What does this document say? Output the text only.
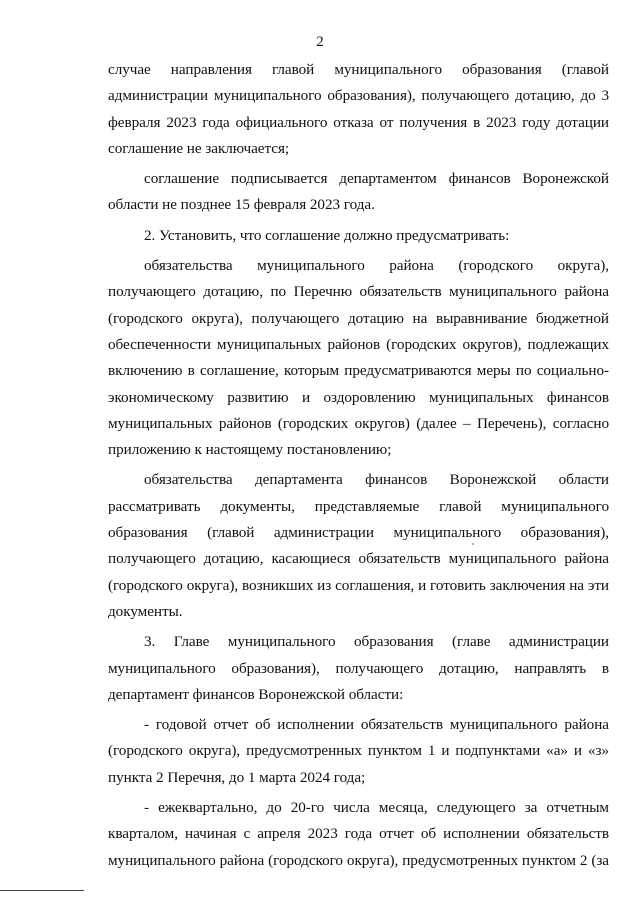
2

случае направления главой муниципального образования (главой администрации муниципального образования), получающего дотацию, до 3 февраля 2023 года официального отказа от получения в 2023 году дотации соглашение не заключается;

соглашение подписывается департаментом финансов Воронежской области не позднее 15 февраля 2023 года.

2. Установить, что соглашение должно предусматривать:

обязательства муниципального района (городского округа), получающего дотацию, по Перечню обязательств муниципального района (городского округа), получающего дотацию на выравнивание бюджетной обеспеченности муниципальных районов (городских округов), подлежащих включению в соглашение, которым предусматриваются меры по социально-экономическому развитию и оздоровлению муниципальных финансов муниципальных районов (городских округов) (далее – Перечень), согласно приложению к настоящему постановлению;

обязательства департамента финансов Воронежской области рассматривать документы, представляемые главой муниципального образования (главой администрации муниципального образования), получающего дотацию, касающиеся обязательств муниципального района (городского округа), возникших из соглашения, и готовить заключения на эти документы.

3. Главе муниципального образования (главе администрации муниципального образования), получающего дотацию, направлять в департамент финансов Воронежской области:

- годовой отчет об исполнении обязательств муниципального района (городского округа), предусмотренных пунктом 1 и подпунктами «а» и «з» пункта 2 Перечня, до 1 марта 2024 года;

- ежеквартально, до 20-го числа месяца, следующего за отчетным кварталом, начиная с апреля 2023 года отчет об исполнении обязательств муниципального района (городского округа), предусмотренных пунктом 2 (за
